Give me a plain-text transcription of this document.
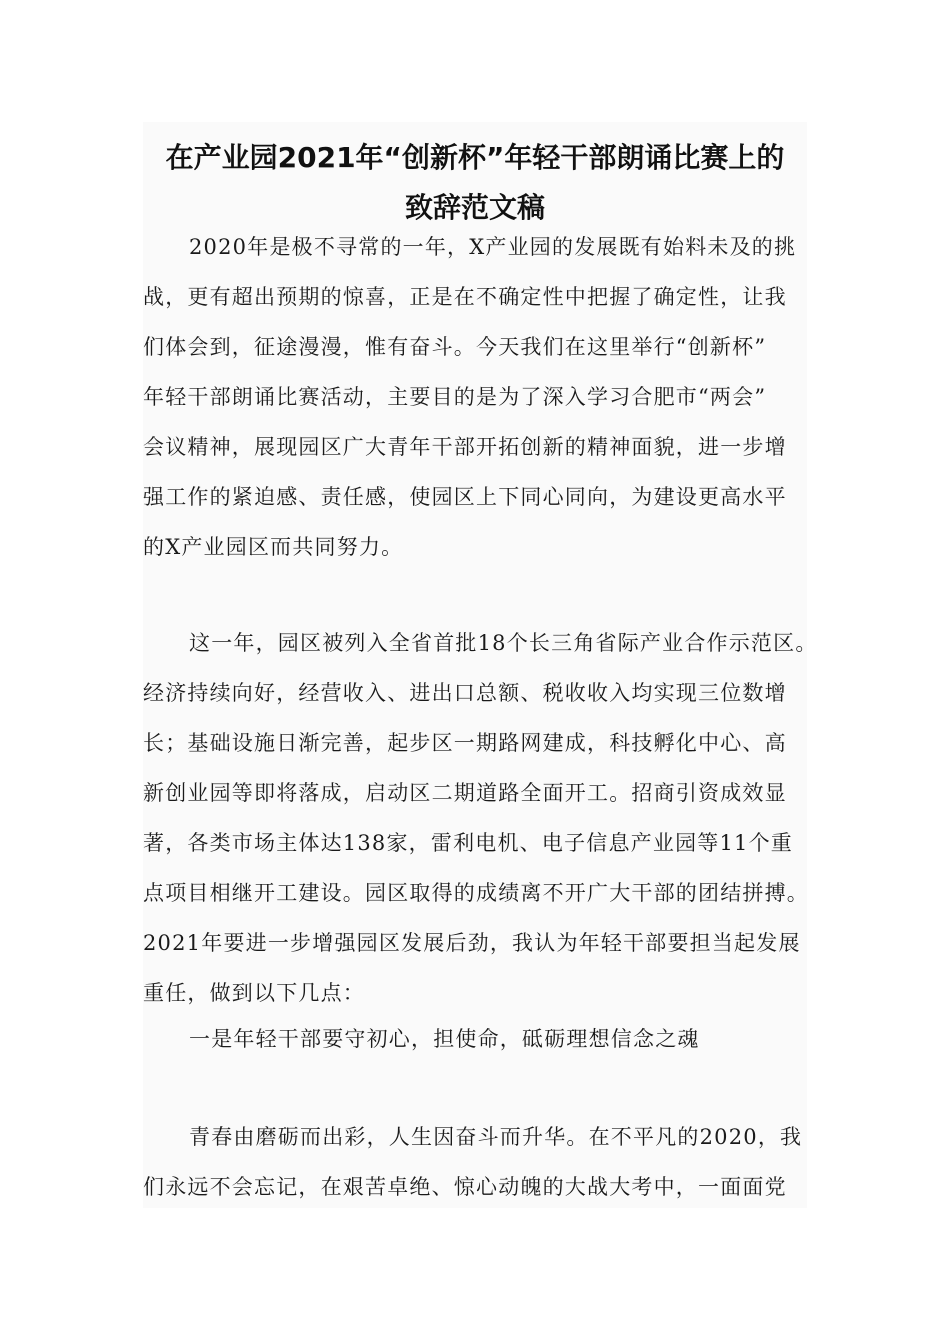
在产业园2021年“创新杯”年轻干部朗诵比赛上的
致辞范文稿
2020年是极不寻常的一年，X产业园的发展既有始料未及的挑
战，更有超出预期的惊喜，正是在不确定性中把握了确定性，让我
们体会到，征途漫漫，惟有奋斗。今天我们在这里举行“创新杯”
年轻干部朗诵比赛活动，主要目的是为了深入学习合肥市“两会”
会议精神，展现园区广大青年干部开拓创新的精神面貌，进一步增
强工作的紧迫感、责任感，使园区上下同心同向，为建设更高水平
的X产业园区而共同努力。
这一年，园区被列入全省首批18个长三角省际产业合作示范区。
经济持续向好，经营收入、进出口总额、税收收入均实现三位数增
长；基础设施日渐完善，起步区一期路网建成，科技孵化中心、高
新创业园等即将落成，启动区二期道路全面开工。招商引资成效显
著，各类市场主体达138家，雷利电机、电子信息产业园等11个重
点项目相继开工建设。园区取得的成绩离不开广大干部的团结拼搏。
2021年要进一步增强园区发展后劲，我认为年轻干部要担当起发展
重任，做到以下几点：
一是年轻干部要守初心，担使命，砥砺理想信念之魂
青春由磨砺而出彩，人生因奋斗而升华。在不平凡的2020，我
们永远不会忘记，在艰苦卓绝、惊心动魄的大战大考中，一面面党
